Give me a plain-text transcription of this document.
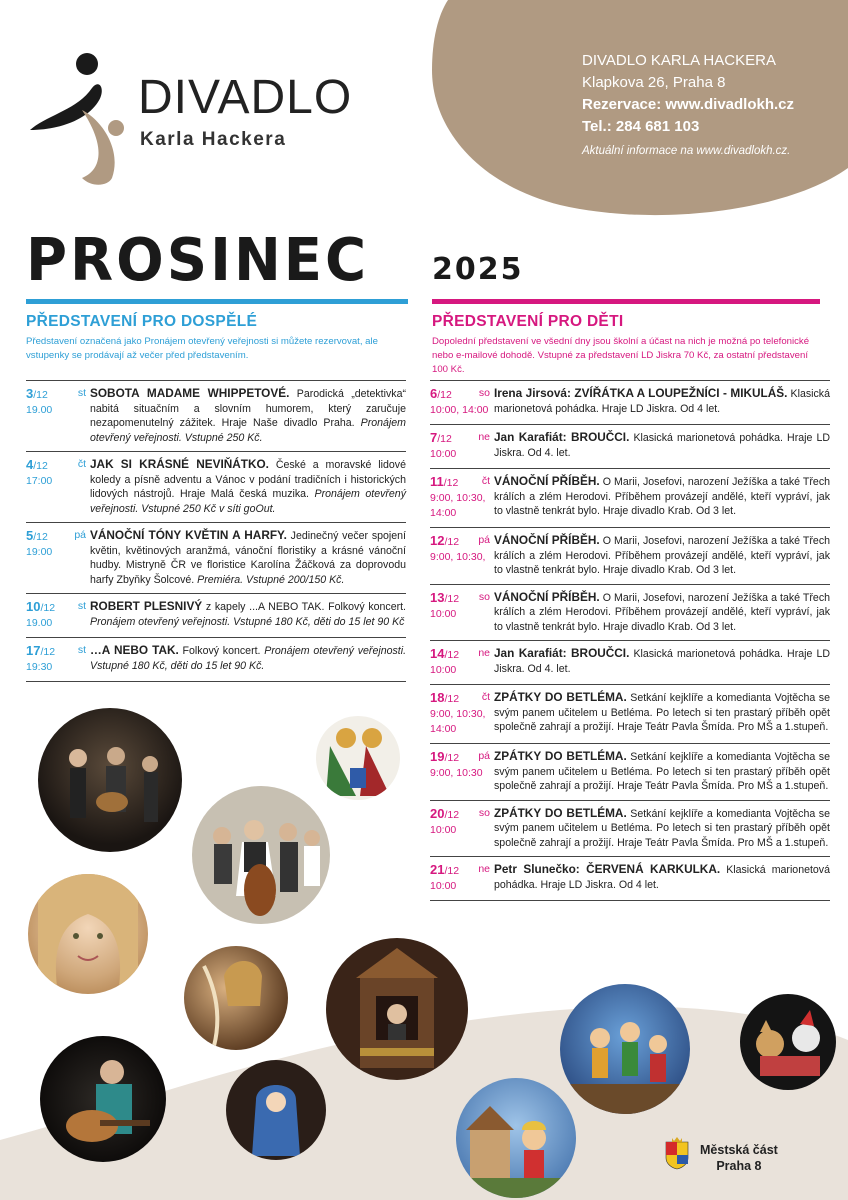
DIVADLO KARLA HACKERA
Klapkova 26, Praha 8
Rezervace: www.divadlokh.cz
Tel.: 284 681 103
Aktuální informace na www.divadlokh.cz.
DIVADLO
Karla Hackera
PROSINEC 2025
PŘEDSTAVENÍ PRO DOSPĚLÉ
Představení označená jako Pronájem otevřený veřejnosti si můžete rezervovat, ale vstupenky se prodávají až večer před představením.
3/12	st
19.00
SOBOTA MADAME WHIPPETOVÉ. Parodická „detektivka“ nabitá situačním a slovním humorem, který zaručuje nezapomenutelný zážitek. Hraje Naše divadlo Praha. Pronájem otevřený veřejnosti. Vstupné 250 Kč.
4/12	čt
17:00
JAK SI KRÁSNÉ NEVIŇÁTKO. České a moravské lidové koledy a písně adventu a Vánoc v podání tradičních i historických lidových nástrojů. Hraje Malá česká muzika. Pronájem otevřený veřejnosti. Vstupné 250 Kč v síti goOut.
5/12	pá
19:00
VÁNOČNÍ TÓNY KVĚTIN A HARFY. Jedinečný večer spojení květin, květinových aranžmá, vánoční floristiky a krásné vánoční hudby. Mistryně ČR ve floristice Karolína Žáčková za doprovodu harfy Zbyňky Šolcové. Premiéra. Vstupné 200/150 Kč.
10/12 st
19.00
ROBERT PLESNIVÝ z kapely ...A NEBO TAK. Folkový koncert. Pronájem otevřený veřejnosti. Vstupné 180 Kč, děti do 15 let 90 Kč
17/12 st
19:30
…A NEBO TAK. Folkový koncert. Pronájem otevřený veřejnosti. Vstupné 180 Kč, děti do 15 let 90 Kč.
PŘEDSTAVENÍ PRO DĚTI
Dopolední představení ve všední dny jsou školní a účast na nich je možná po telefonické nebo e-mailové dohodě. Vstupné za představení LD Jiskra 70 Kč, za ostatní představení 100 Kč.
6/12	so
10:00, 14:00
Irena Jirsová: ZVÍŘÁTKA A LOUPEŽNÍCI - MIKULÁŠ. Klasická marionetová pohádka. Hraje LD Jiskra. Od 4 let.
7/12	ne
10:00
Jan Karafiát: BROUČCI. Klasická marionetová pohádka. Hraje LD Jiskra. Od 4. let.
11/12 čt
9:00, 10:30, 14:00
VÁNOČNÍ PŘÍBĚH. O Marii, Josefovi, narození Ježíška a také Třech králích a zlém Herodovi. Příběhem provázejí andělé, kteří vypráví, jak to vlastně tenkrát bylo. Hraje divadlo Krab. Od 3 let.
12/12 pá
9:00, 10:30,
VÁNOČNÍ PŘÍBĚH. O Marii, Josefovi, narození Ježíška a také Třech králích a zlém Herodovi. Příběhem provázejí andělé, kteří vypráví, jak to vlastně tenkrát bylo. Hraje divadlo Krab. Od 3 let.
13/12 so
10:00
VÁNOČNÍ PŘÍBĚH. O Marii, Josefovi, narození Ježíška a také Třech králích a zlém Herodovi. Příběhem provázejí andělé, kteří vypráví, jak to vlastně tenkrát bylo. Hraje divadlo Krab. Od 3 let.
14/12 ne
10:00
Jan Karafiát: BROUČCI. Klasická marionetová pohádka. Hraje LD Jiskra. Od 4. let.
18/12 čt
9:00, 10:30, 14:00
ZPÁTKY DO BETLÉMA. Setkání kejklíře a komedianta Vojtěcha se svým panem učitelem u Betléma. Po letech si ten prastarý příběh opět společně zahrají a prožijí. Hraje Teátr Pavla Šmída. Pro MŠ a 1.stupeň.
19/12 pá
9:00, 10:30
ZPÁTKY DO BETLÉMA. Setkání kejklíře a komedianta Vojtěcha se svým panem učitelem u Betléma. Po letech si ten prastarý příběh opět společně zahrají a prožijí. Hraje Teátr Pavla Šmída. Pro MŠ a 1.stupeň.
20/12 so
10:00
ZPÁTKY DO BETLÉMA. Setkání kejklíře a komedianta Vojtěcha se svým panem učitelem u Betléma. Po letech si ten prastarý příběh opět společně zahrají a prožijí. Hraje Teátr Pavla Šmída. Pro MŠ a 1.stupeň.
21/12 ne
10:00
Petr Slunečko: ČERVENÁ KARKULKA. Klasická marionetová pohádka. Hraje LD Jiskra. Od 4 let.
Městská část
Praha 8
